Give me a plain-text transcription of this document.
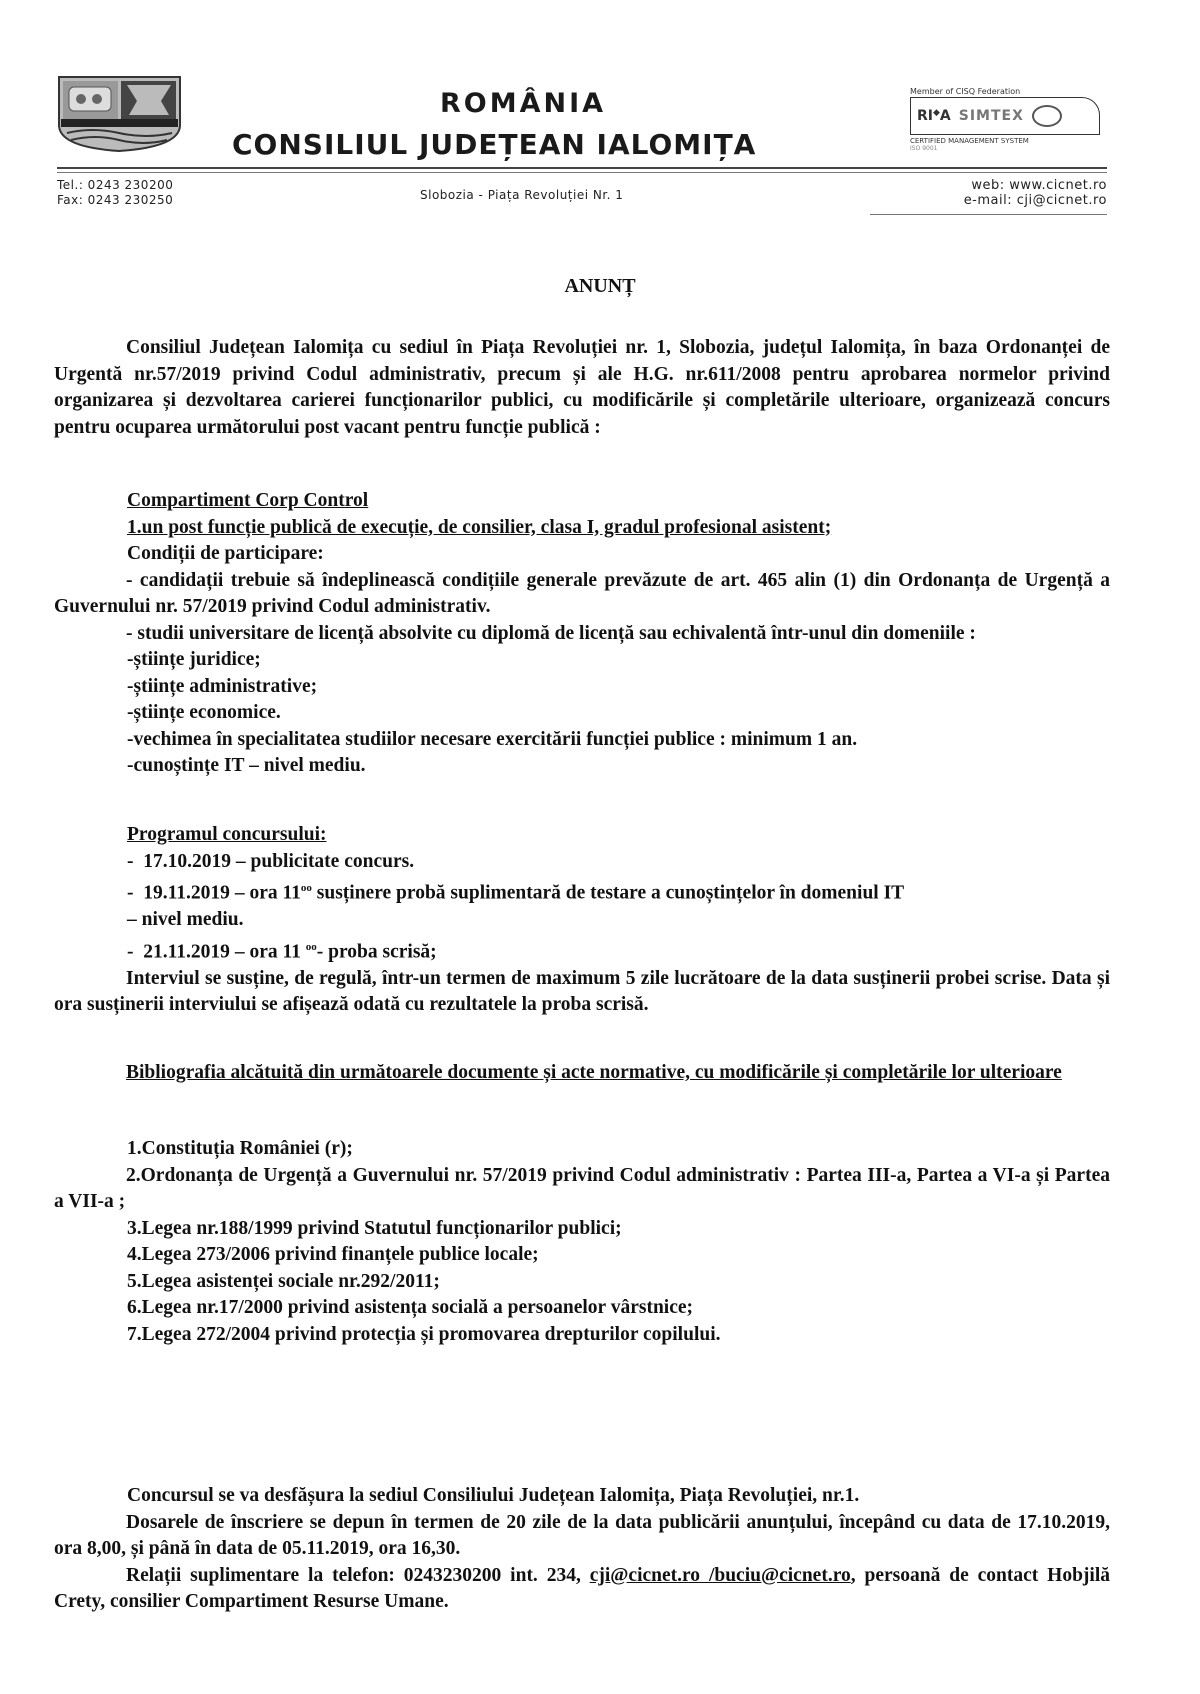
ROMÂNIA
CONSILIUL JUDEȚEAN IALOMIȚA
Member of CISQ Federation
RI◆A SIMTEX
CERTIFIED MANAGEMENT SYSTEM
ISO 9001
Tel.: 0243 230200
Fax: 0243 230250	Slobozia - Piața Revoluției Nr. 1
web: www.cicnet.ro
e-mail: cji@cicnet.ro
ANUNȚ
Consiliul Județean Ialomița cu sediul în Piața Revoluției nr. 1, Slobozia, județul Ialomița, în baza Ordonanței de Urgentă nr.57/2019 privind Codul administrativ, precum și ale H.G. nr.611/2008 pentru aprobarea normelor privind organizarea și dezvoltarea carierei funcționarilor publici, cu modificările și completările ulterioare, organizează concurs pentru ocuparea următorului post vacant pentru funcție publică :
Compartiment Corp Control
1.un post funcție publică de execuție, de consilier, clasa I, gradul profesional asistent;
Condiții de participare:
- candidații trebuie să îndeplinească condițiile generale prevăzute de art. 465 alin (1) din Ordonanța de Urgență a Guvernului nr. 57/2019 privind Codul administrativ.
- studii universitare de licență absolvite cu diplomă de licență sau echivalentă într-unul din domeniile :
-științe juridice;
-științe administrative;
-științe economice.
-vechimea în specialitatea studiilor necesare exercitării funcției publice : minimum 1 an.
-cunoștințe IT – nivel mediu.
Programul concursului:
-  17.10.2019 – publicitate concurs.
-  19.11.2019 – ora $11^{oo}$ susținere probă suplimentară de testare a cunoștințelor în domeniul IT
– nivel mediu.
-  21.11.2019 – ora 11 $^{oo}$- proba scrisă;
Interviul se susține, de regulă, într-un termen de maximum 5 zile lucrătoare de la data susținerii probei scrise. Data și ora susținerii interviului se afișează odată cu rezultatele la proba scrisă.
Bibliografia alcătuită din următoarele documente și acte normative, cu modificările și completările lor ulterioare
1.Constituția României (r);
2.Ordonanța de Urgență a Guvernului nr. 57/2019 privind Codul administrativ : Partea III-a, Partea a VI-a și Partea a VII-a ;
3.Legea nr.188/1999 privind Statutul funcționarilor publici;
4.Legea 273/2006 privind finanțele publice locale;
5.Legea asistenței sociale nr.292/2011;
6.Legea nr.17/2000 privind asistența socială a persoanelor vârstnice;
7.Legea 272/2004 privind protecția și promovarea drepturilor copilului.
Concursul se va desfășura la sediul Consiliului Județean Ialomița, Piața Revoluției, nr.1.
Dosarele de înscriere se depun în termen de 20 zile de la data publicării anunțului, începând cu data de 17.10.2019, ora 8,00, și până în data de 05.11.2019, ora 16,30.
Relații suplimentare la telefon: 0243230200 int. 234, cji@cicnet.ro /buciu@cicnet.ro, persoană de contact Hobjilă Crety, consilier Compartiment Resurse Umane.
